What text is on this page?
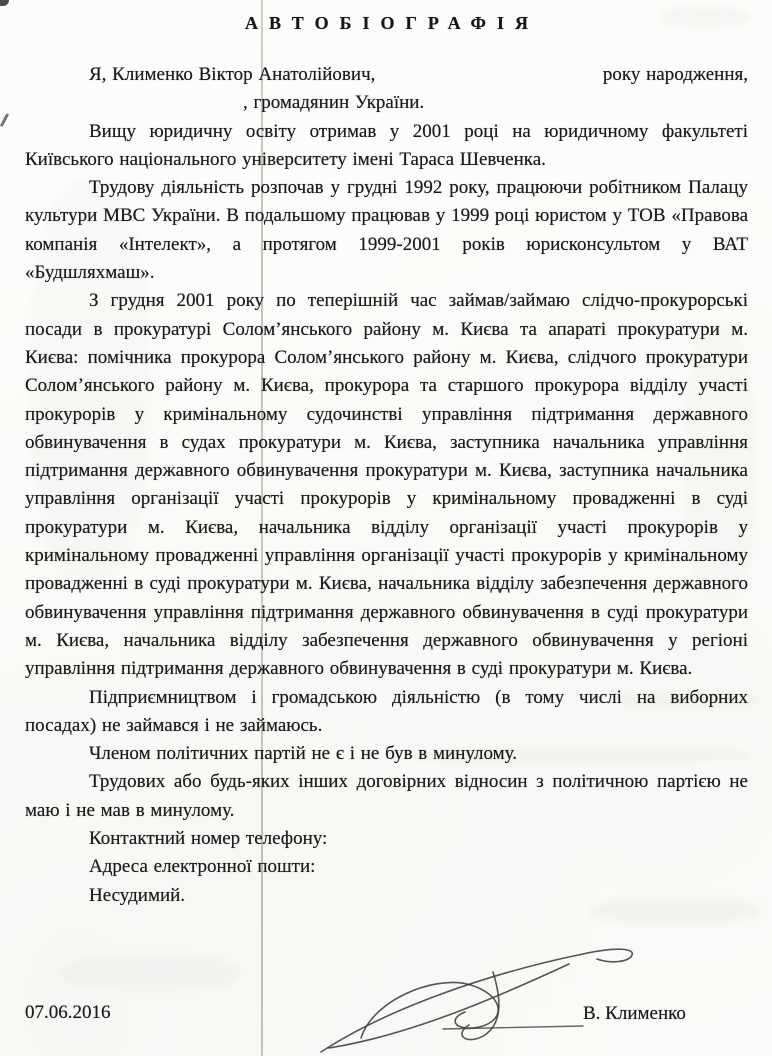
АВТОБІОГРАФІЯ
Я, Клименко Віктор Анатолійович,	року народження,
, громадянин України.

Вищу юридичну освіту отримав у 2001 році на юридичному факультеті Київського національного університету імені Тараса Шевченка.

Трудову діяльність розпочав у грудні 1992 року, працюючи робітником Палацу культури МВС України. В подальшому працював у 1999 році юристом у ТОВ «Правова компанія «Інтелект», а протягом 1999-2001 років юрисконсультом у ВАТ «Будшляхмаш».

З грудня 2001 року по теперішній час займав/займаю слідчо-прокурорські посади в прокуратурі Солом’янського району м. Києва та апараті прокуратури м. Києва: помічника прокурора Солом’янського району м. Києва, слідчого прокуратури Солом’янського району м. Києва, прокурора та старшого прокурора відділу участі прокурорів у кримінальному судочинстві управління підтримання державного обвинувачення в судах прокуратури м. Києва, заступника начальника управління підтримання державного обвинувачення прокуратури м. Києва, заступника начальника управління організації участі прокурорів у кримінальному провадженні в суді прокуратури м. Києва, начальника відділу організації участі прокурорів у кримінальному провадженні управління організації участі прокурорів у кримінальному провадженні в суді прокуратури м. Києва, начальника відділу забезпечення державного обвинувачення управління підтримання державного обвинувачення в суді прокуратури м. Києва, начальника відділу забезпечення державного обвинувачення у регіоні управління підтримання державного обвинувачення в суді прокуратури м. Києва.

Підприємництвом і громадською діяльністю (в тому числі на виборних посадах) не займався і не займаюсь.

Членом політичних партій не є і не був в минулому.

Трудових або будь-яких інших договірних відносин з політичною партією не маю і не мав в минулому.

Контактний номер телефону:

Адреса електронної пошти:

Несудимий.

07.06.2016	В. Клименко
